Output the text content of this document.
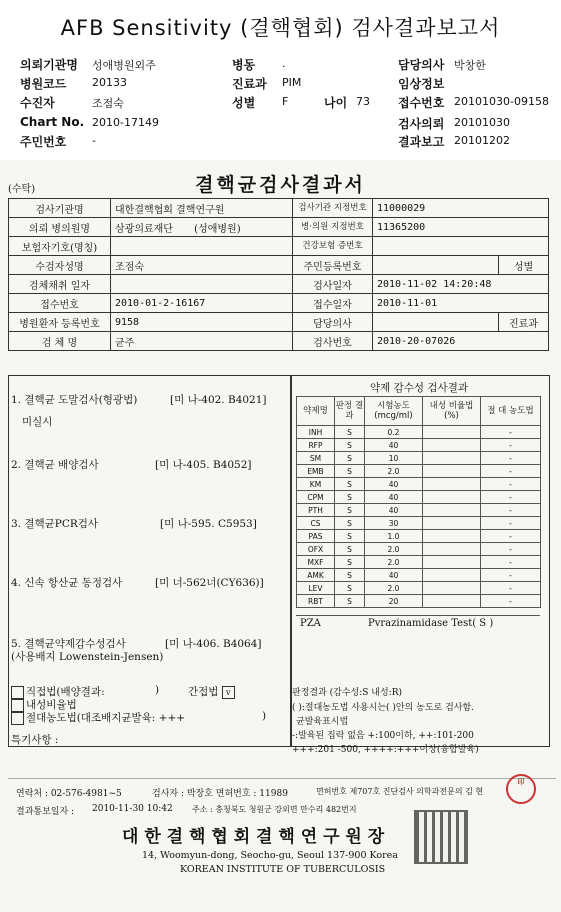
AFB Sensitivity (결핵협회) 검사결과보고서
의뢰기관명 성애병원외주
병원코드 20133
수진자	조점숙
Chart No. 2010-17149
주민번호 -
병동 .
진료과 PIM
성별 F	나이 73
담당의사 박창한
임상정보
접수번호 20101030-09158
검사의뢰 20101030
결과보고 20101202
(수탁)	결핵균검사결과서
검사기관명	대한결핵협회 결핵연구원	검사기관 지정번호	11000029	
의뢰 병의원명	삼광의료재단 (성애병원)	병·의원 지정번호	11365200	
보험자기호(명칭)		건강보험 증번호		
수검자성명	조점숙	주민등록번호		성별
검체채취 일자		검사일자	2010-11-02 14:20:48	
접수번호	2010-01-2-16167	접수일자	2010-11-01	
병원환자 등록번호	9158	담당의사		진료과
검 체 명	균주	검사번호	2010-20-07026	
1. 결핵균 도말검사(형광법)	[미 나-402. B4021]
미실시
2. 결핵균 배양검사	[미 나-405. B4052]
3. 결핵균PCR검사	[미 나-595. C5953]
4. 신속 항산균 동정검사	[미 너-562너(CY636)]
5. 결핵균약제감수성검사	[미 나-406. B4064]
(사용배지 Lowenstein-Jensen)
약제 감수성 검사결과
약제명	판정 결과	시험농도 (mcg/ml)	내성 비율법(%)	절 대 농도법
INH	S	0.2		-
RFP	S	40		-
SM	S	10		-
EMB	S	2.0		-
KM	S	40		-
CPM	S	40		-
PTH	S	40		-
CS	S	30		-
PAS	S	1.0		-
OFX	S	2.0		-
MXF	S	2.0		-
AMK	S	40		-
LEV	S	2.0		-
RBT	S	20		-
PZA	Pvrazinamidase Test( S )
직접법(배양결과:	)	간접법 v
내성비율법
절대농도법(대조배지균발육: +++	)
특기사항 :
판정결과 (감수성:S 내성:R)
( ):절대농도법 사용시는( )안의 농도로 검사함.
균발육표시법
-:발육된 집락 없음 +:100이하, ++:101-200
+++:201 -500, ++++:+++이상(융합발육)
연락처 : 02-576-4981~5	검사자 : 박장호 면허번호 : 11989	면허번호 제707호 진단검사 의학과전문의 김 현
印
결과통보일자 : 2010-11-30 10:42 주소 : 충청북도 청원군 강외면 만수리 482번지
대 한 결 핵 협 회 결 핵 연 구 원 장
14, Woomyun-dong, Seocho-gu, Seoul 137-900 Korea
KOREAN INSTITUTE OF TUBERCULOSIS
